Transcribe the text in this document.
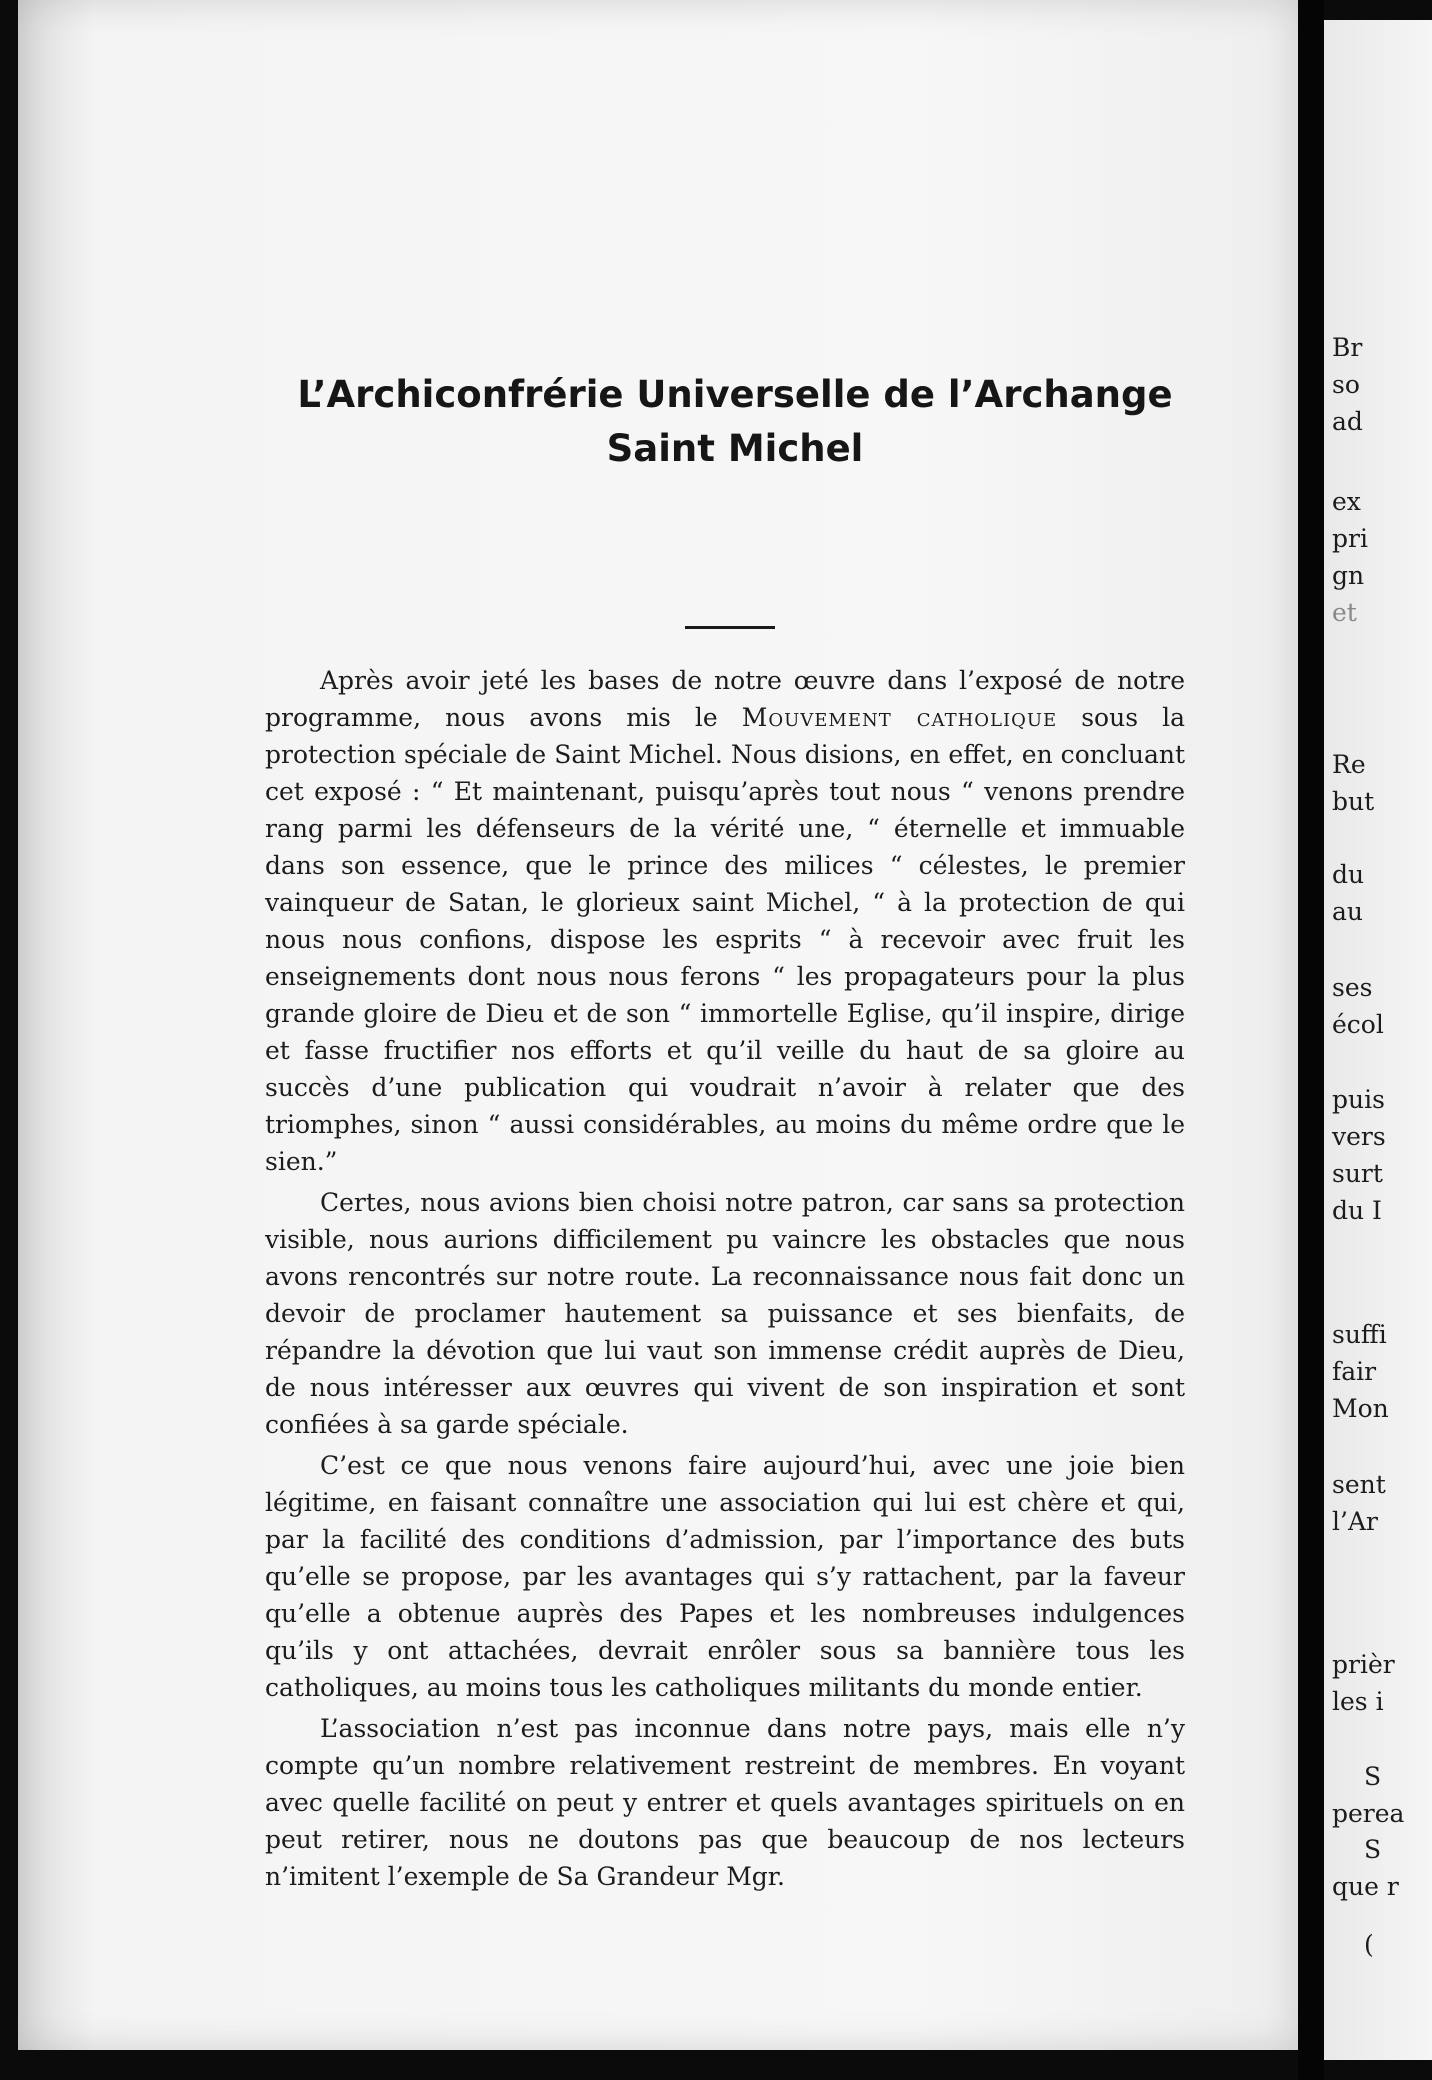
L’Archiconfrérie Universelle de l’Archange Saint Michel

Après avoir jeté les bases de notre œuvre dans l’exposé de notre programme, nous avons mis le Mouvement catholique sous la protection spéciale de Saint Michel. Nous disions, en effet, en concluant cet exposé : “ Et maintenant, puisqu’après tout nous “ venons prendre rang parmi les défenseurs de la vérité une, “ éternelle et immuable dans son essence, que le prince des milices “ célestes, le premier vainqueur de Satan, le glorieux saint Michel, “ à la protection de qui nous nous confions, dispose les esprits “ à recevoir avec fruit les enseignements dont nous nous ferons “ les propagateurs pour la plus grande gloire de Dieu et de son “ immortelle Eglise, qu’il inspire, dirige et fasse fructifier nos efforts et qu’il veille du haut de sa gloire au succès d’une publication qui voudrait n’avoir à relater que des triomphes, sinon “ aussi considérables, au moins du même ordre que le sien.”

Certes, nous avions bien choisi notre patron, car sans sa protection visible, nous aurions difficilement pu vaincre les obstacles que nous avons rencontrés sur notre route. La reconnaissance nous fait donc un devoir de proclamer hautement sa puissance et ses bienfaits, de répandre la dévotion que lui vaut son immense crédit auprès de Dieu, de nous intéresser aux œuvres qui vivent de son inspiration et sont confiées à sa garde spéciale.

C’est ce que nous venons faire aujourd’hui, avec une joie bien légitime, en faisant connaître une association qui lui est chère et qui, par la facilité des conditions d’admission, par l’importance des buts qu’elle se propose, par les avantages qui s’y rattachent, par la faveur qu’elle a obtenue auprès des Papes et les nombreuses indulgences qu’ils y ont attachées, devrait enrôler sous sa bannière tous les catholiques, au moins tous les catholiques militants du monde entier.

L’association n’est pas inconnue dans notre pays, mais elle n’y compte qu’un nombre relativement restreint de membres. En voyant avec quelle facilité on peut y entrer et quels avantages spirituels on en peut retirer, nous ne doutons pas que beaucoup de nos lecteurs n’imitent l’exemple de Sa Grandeur Mgr.

Br
so
ad
ex
pri
gn
et
Re
but
du
au
ses
écol
puis
vers
surt
du I
suffi
fair
Mon
sent
l’Ar
prièr
les i
S
perea
S
que r
(
